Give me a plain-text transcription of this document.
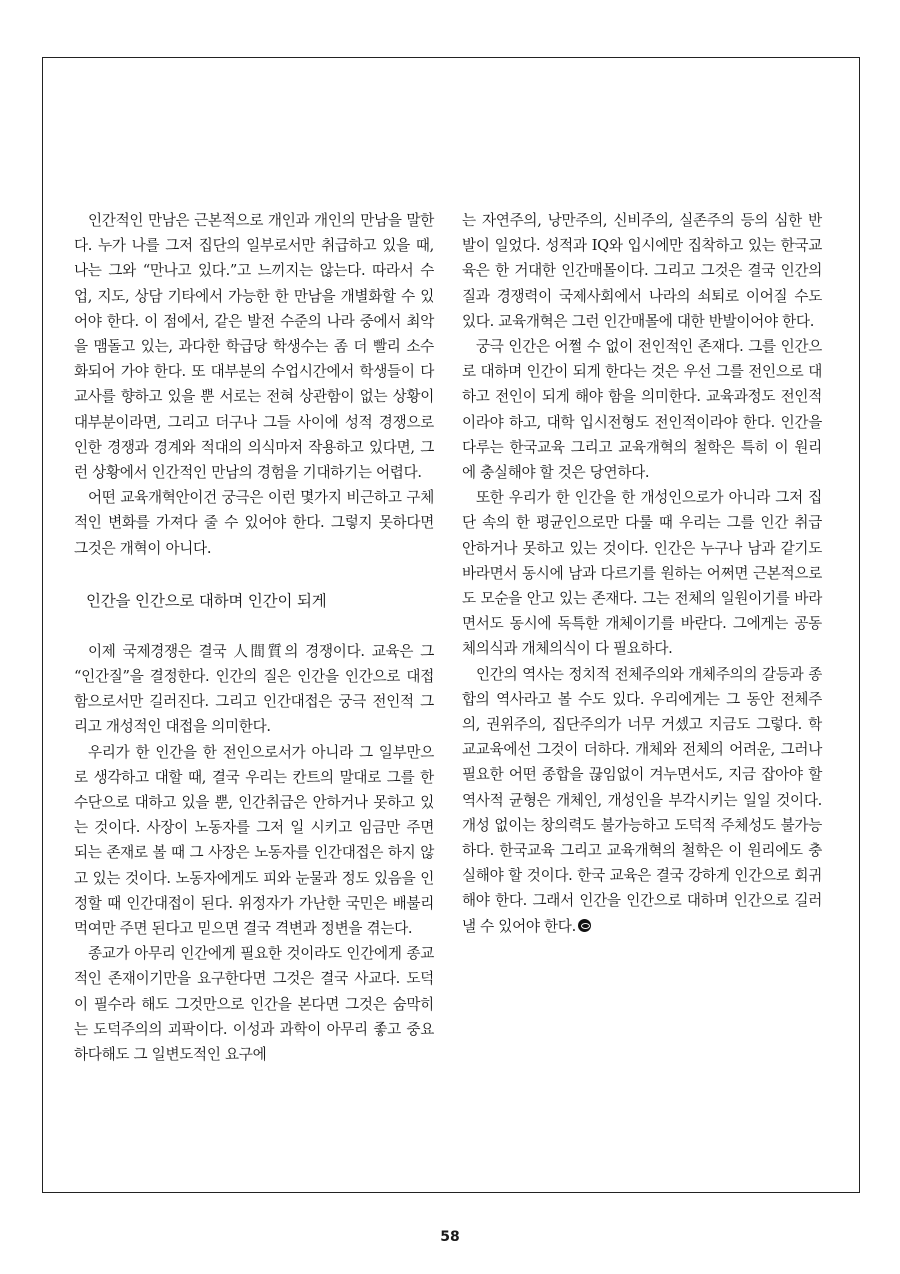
인간적인 만남은 근본적으로 개인과 개인의 만남을 말한다. 누가 나를 그저 집단의 일부로서만 취급하고 있을 때, 나는 그와 “만나고 있다.”고 느끼지는 않는다. 따라서 수업, 지도, 상담 기타에서 가능한 한 만남을 개별화할 수 있어야 한다. 이 점에서, 같은 발전 수준의 나라 중에서 최악을 맴돌고 있는, 과다한 학급당 학생수는 좀 더 빨리 소수화되어 가야 한다. 또 대부분의 수업시간에서 학생들이 다 교사를 향하고 있을 뿐 서로는 전혀 상관함이 없는 상황이 대부분이라면, 그리고 더구나 그들 사이에 성적 경쟁으로 인한 경쟁과 경계와 적대의 의식마저 작용하고 있다면, 그런 상황에서 인간적인 만남의 경험을 기대하기는 어렵다.

어떤 교육개혁안이건 궁극은 이런 몇가지 비근하고 구체적인 변화를 가져다 줄 수 있어야 한다. 그렇지 못하다면 그것은 개혁이 아니다.

인간을 인간으로 대하며 인간이 되게

이제 국제경쟁은 결국 人間質의 경쟁이다. 교육은 그 “인간질”을 결정한다. 인간의 질은 인간을 인간으로 대접함으로서만 길러진다. 그리고 인간대접은 궁극 전인적 그리고 개성적인 대접을 의미한다.

우리가 한 인간을 한 전인으로서가 아니라 그 일부만으로 생각하고 대할 때, 결국 우리는 칸트의 말대로 그를 한 수단으로 대하고 있을 뿐, 인간취급은 안하거나 못하고 있는 것이다. 사장이 노동자를 그저 일 시키고 임금만 주면 되는 존재로 볼 때 그 사장은 노동자를 인간대접은 하지 않고 있는 것이다. 노동자에게도 피와 눈물과 정도 있음을 인정할 때 인간대접이 된다. 위정자가 가난한 국민은 배불리 먹여만 주면 된다고 믿으면 결국 격변과 정변을 겪는다.

종교가 아무리 인간에게 필요한 것이라도 인간에게 종교적인 존재이기만을 요구한다면 그것은 결국 사교다. 도덕이 필수라 해도 그것만으로 인간을 본다면 그것은 숨막히는 도덕주의의 괴팍이다. 이성과 과학이 아무리 좋고 중요하다해도 그 일변도적인 요구에

는 자연주의, 낭만주의, 신비주의, 실존주의 등의 심한 반발이 일었다. 성적과 IQ와 입시에만 집착하고 있는 한국교육은 한 거대한 인간매몰이다. 그리고 그것은 결국 인간의 질과 경쟁력이 국제사회에서 나라의 쇠퇴로 이어질 수도 있다. 교육개혁은 그런 인간매몰에 대한 반발이어야 한다.

궁극 인간은 어쩔 수 없이 전인적인 존재다. 그를 인간으로 대하며 인간이 되게 한다는 것은 우선 그를 전인으로 대하고 전인이 되게 해야 함을 의미한다. 교육과정도 전인적이라야 하고, 대학 입시전형도 전인적이라야 한다. 인간을 다루는 한국교육 그리고 교육개혁의 철학은 특히 이 원리에 충실해야 할 것은 당연하다.

또한 우리가 한 인간을 한 개성인으로가 아니라 그저 집단 속의 한 평균인으로만 다룰 때 우리는 그를 인간 취급 안하거나 못하고 있는 것이다. 인간은 누구나 남과 같기도 바라면서 동시에 남과 다르기를 원하는 어쩌면 근본적으로도 모순을 안고 있는 존재다. 그는 전체의 일원이기를 바라면서도 동시에 독특한 개체이기를 바란다. 그에게는 공동체의식과 개체의식이 다 필요하다.

인간의 역사는 정치적 전체주의와 개체주의의 갈등과 종합의 역사라고 볼 수도 있다. 우리에게는 그 동안 전체주의, 권위주의, 집단주의가 너무 거셌고 지금도 그렇다. 학교교육에선 그것이 더하다. 개체와 전체의 어려운, 그러나 필요한 어떤 종합을 끊임없이 겨누면서도, 지금 잡아야 할 역사적 균형은 개체인, 개성인을 부각시키는 일일 것이다. 개성 없이는 창의력도 불가능하고 도덕적 주체성도 불가능하다. 한국교육 그리고 교육개혁의 철학은 이 원리에도 충실해야 할 것이다. 한국 교육은 결국 강하게 인간으로 회귀해야 한다. 그래서 인간을 인간으로 대하며 인간으로 길러낼 수 있어야 한다.

58
